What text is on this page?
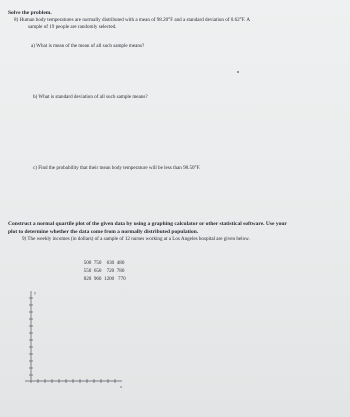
Solve the problem.
8) Human body temperatures are normally distributed with a mean of 98.20°F and a standard deviation of 0.62°F. A
sample of 19 people are randomly selected.
a) What is mean of the mean of all such sample means?
b) What is standard deviation of all such sample means?
c) Find the probability that their mean body temperature will be less than 98.50°F.
Construct a normal quartile plot of the given data by using a graphing calculator or other statistical software. Use your
plot to determine whether the data come from a normally distributed population.
9) The weekly incomes (in dollars) of a sample of 12 nurses working at a Los Angeles hospital are given below.

500 750 630 480

550 650 720 780

820 960 1200 770

y
x
